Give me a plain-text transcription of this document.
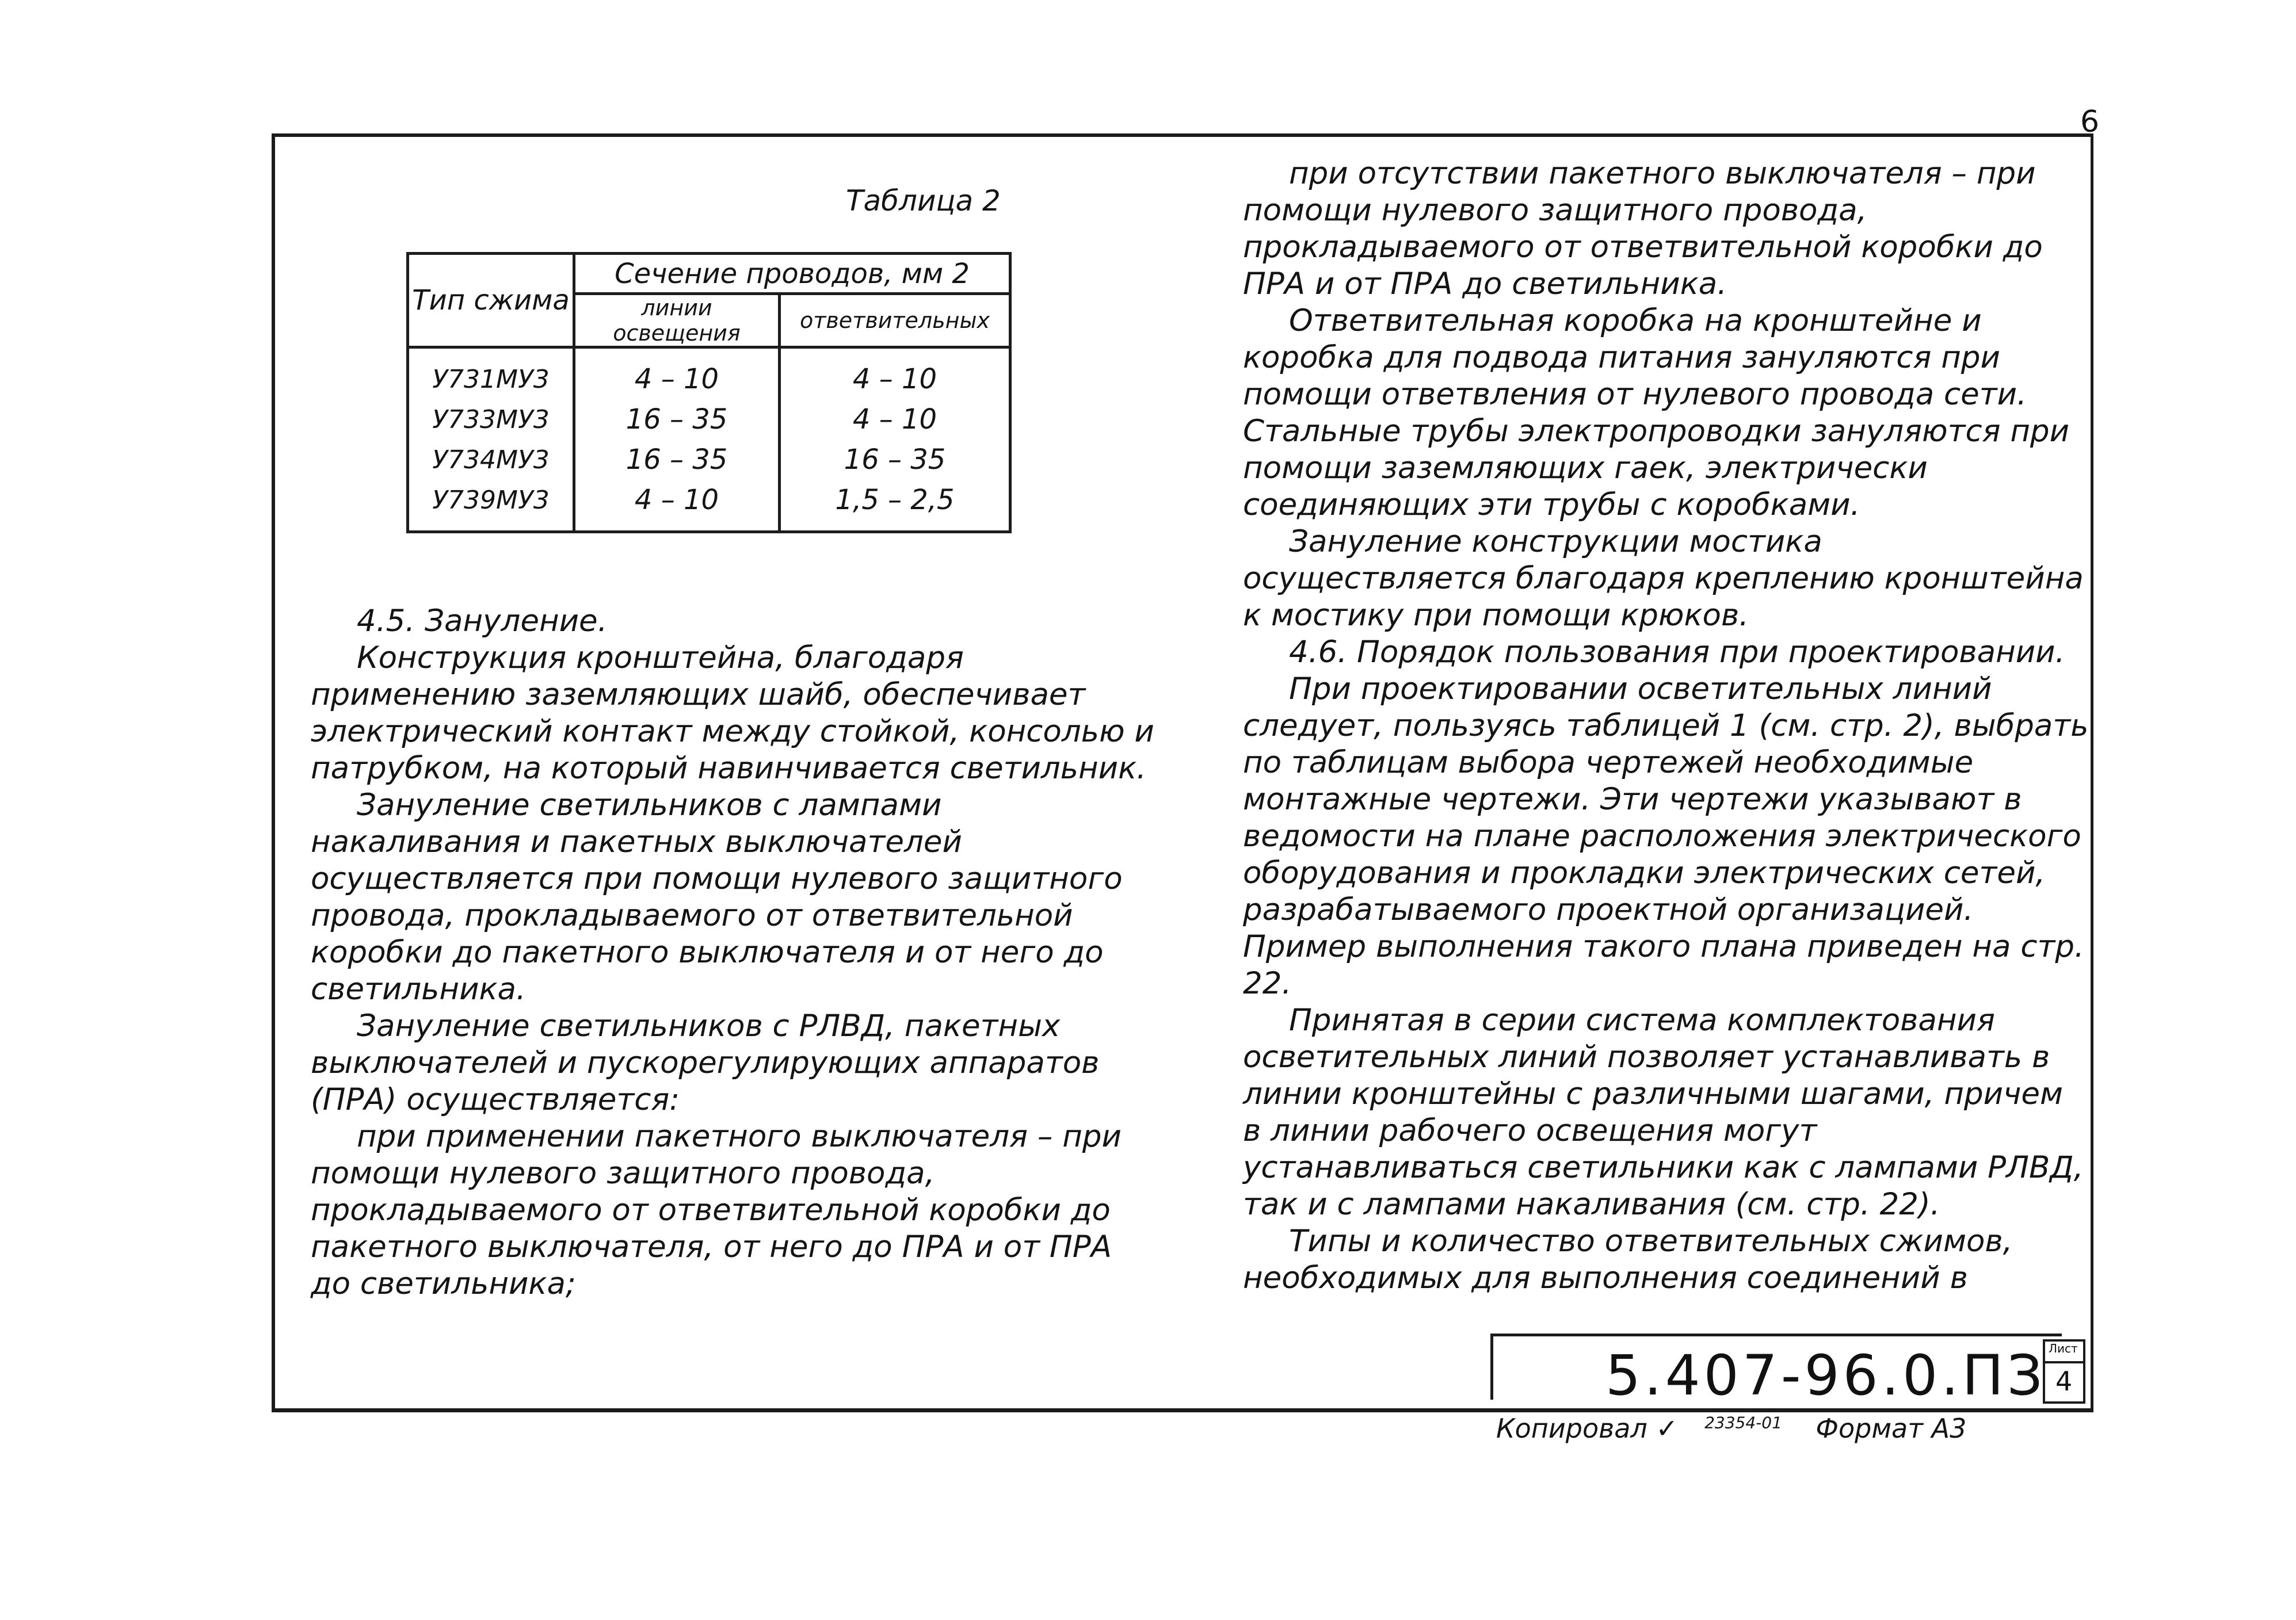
6
Таблица 2
Тип сжима	Сечение проводов, мм 2	
	линии освещения	ответвительных
У731МУ3	4 – 10	4 – 10
У733МУ3	16 – 35	4 – 10
У734МУ3	16 – 35	16 – 35
У739МУ3	4 – 10	1,5 – 2,5

4.5. Зануление.

Конструкция кронштейна, благодаря применению заземляющих шайб, обеспечивает электрический контакт между стойкой, консолью и патрубком, на который навинчивается светильник.

Зануление светильников с лампами накаливания и пакетных выключателей осуществляется при помощи нулевого защитного провода, прокладываемого от ответвительной коробки до пакетного выключателя и от него до светильника.

Зануление светильников с РЛВД, пакетных выключателей и пускорегулирующих аппаратов (ПРА) осуществляется:

при применении пакетного выключателя – при помощи нулевого защитного провода, прокладываемого от ответвительной коробки до пакетного выключателя, от него до ПРА и от ПРА до светильника;

при отсутствии пакетного выключателя – при помощи нулевого защитного провода, прокладываемого от ответвительной коробки до ПРА и от ПРА до светильника.

Ответвительная коробка на кронштейне и коробка для подвода питания зануляются при помощи ответвления от нулевого провода сети. Стальные трубы электропроводки зануляются при помощи заземляющих гаек, электрически соединяющих эти трубы с коробками.

Зануление конструкции мостика осуществляется благодаря креплению кронштейна к мостику при помощи крюков.

4.6. Порядок пользования при проектировании.

При проектировании осветительных линий следует, пользуясь таблицей 1 (см. стр. 2), выбрать по таблицам выбора чертежей необходимые монтажные чертежи. Эти чертежи указывают в ведомости на плане расположения электрического оборудования и прокладки электрических сетей, разрабатываемого проектной организацией. Пример выполнения такого плана приведен на стр. 22.

Принятая в серии система комплектования осветительных линий позволяет устанавливать в линии кронштейны с различными шагами, причем в линии рабочего освещения могут устанавливаться светильники как с лампами РЛВД, так и с лампами накаливания (см. стр. 22).

Типы и количество ответвительных сжимов, необходимых для выполнения соединений в

5.407-96.0.ПЗ Лист
4
Копировал ✓ $^{23354-01}$ Формат А3
